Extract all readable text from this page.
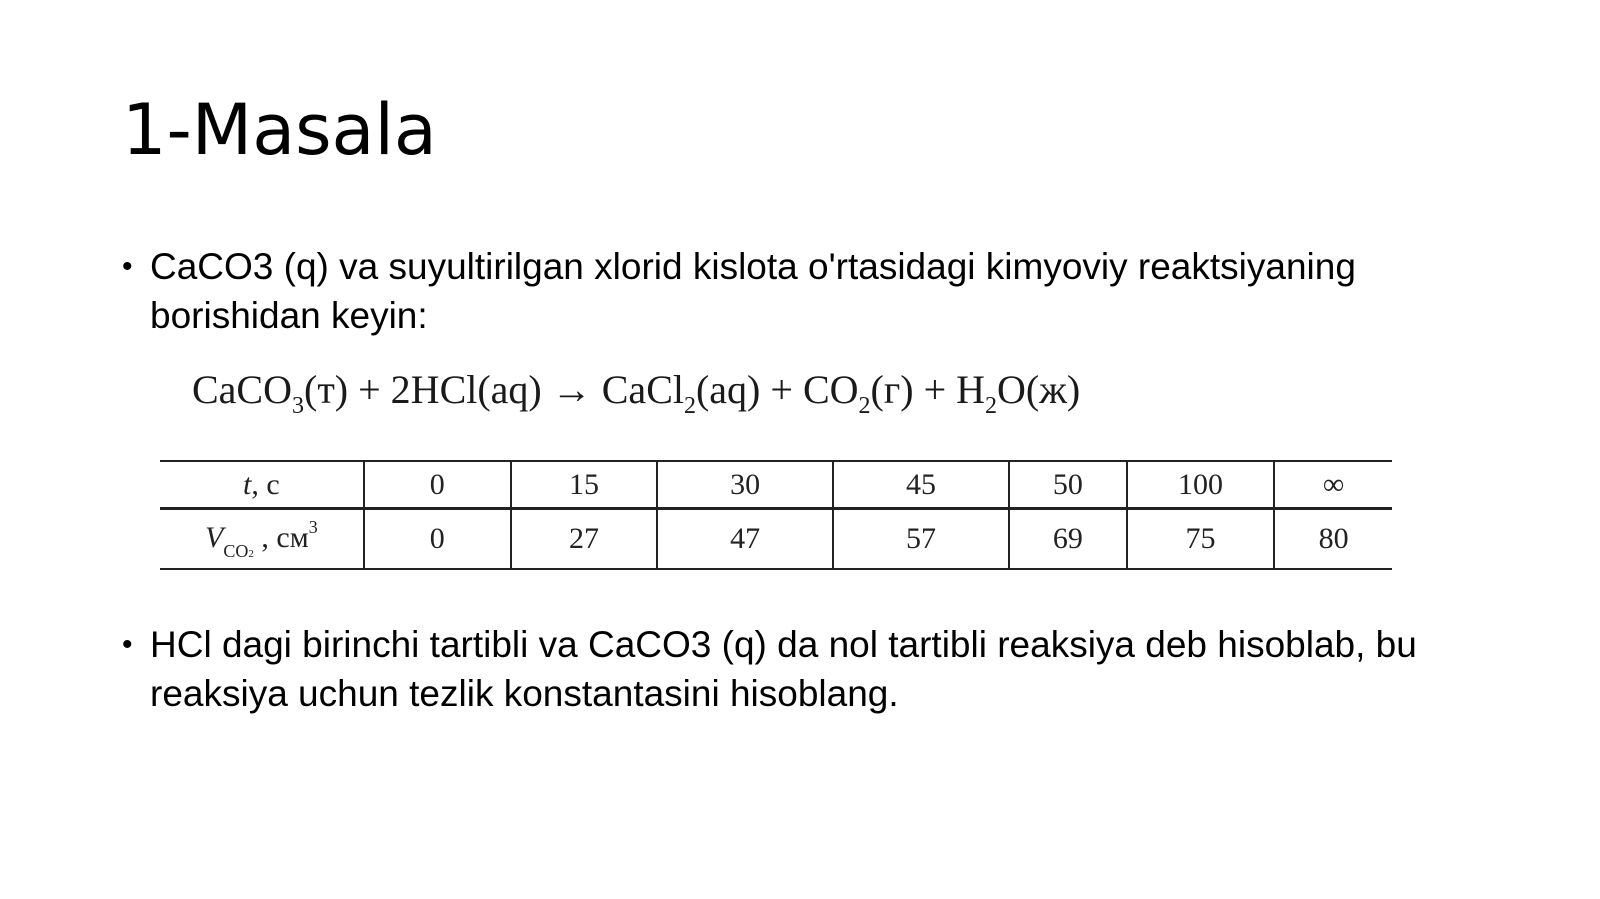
1-Masala
• CaCO3 (q) va suyultirilgan xlorid kislota o'rtasidagi kimyoviy reaktsiyaning borishidan keyin:
CaCO$_3$(т) + 2HCl(aq) → CaCl$_2$(aq) + $CO_2(г) + H_2O(ж)$
t, с	0	15	30	45	50	100	∞
$V_{CO2}$ , $см^3$	0	27	47	57	69	75	80
• HCl dagi birinchi tartibli va CaCO3 (q) da nol tartibli reaksiya deb hisoblab, bu reaksiya uchun tezlik konstantasini hisoblang.
